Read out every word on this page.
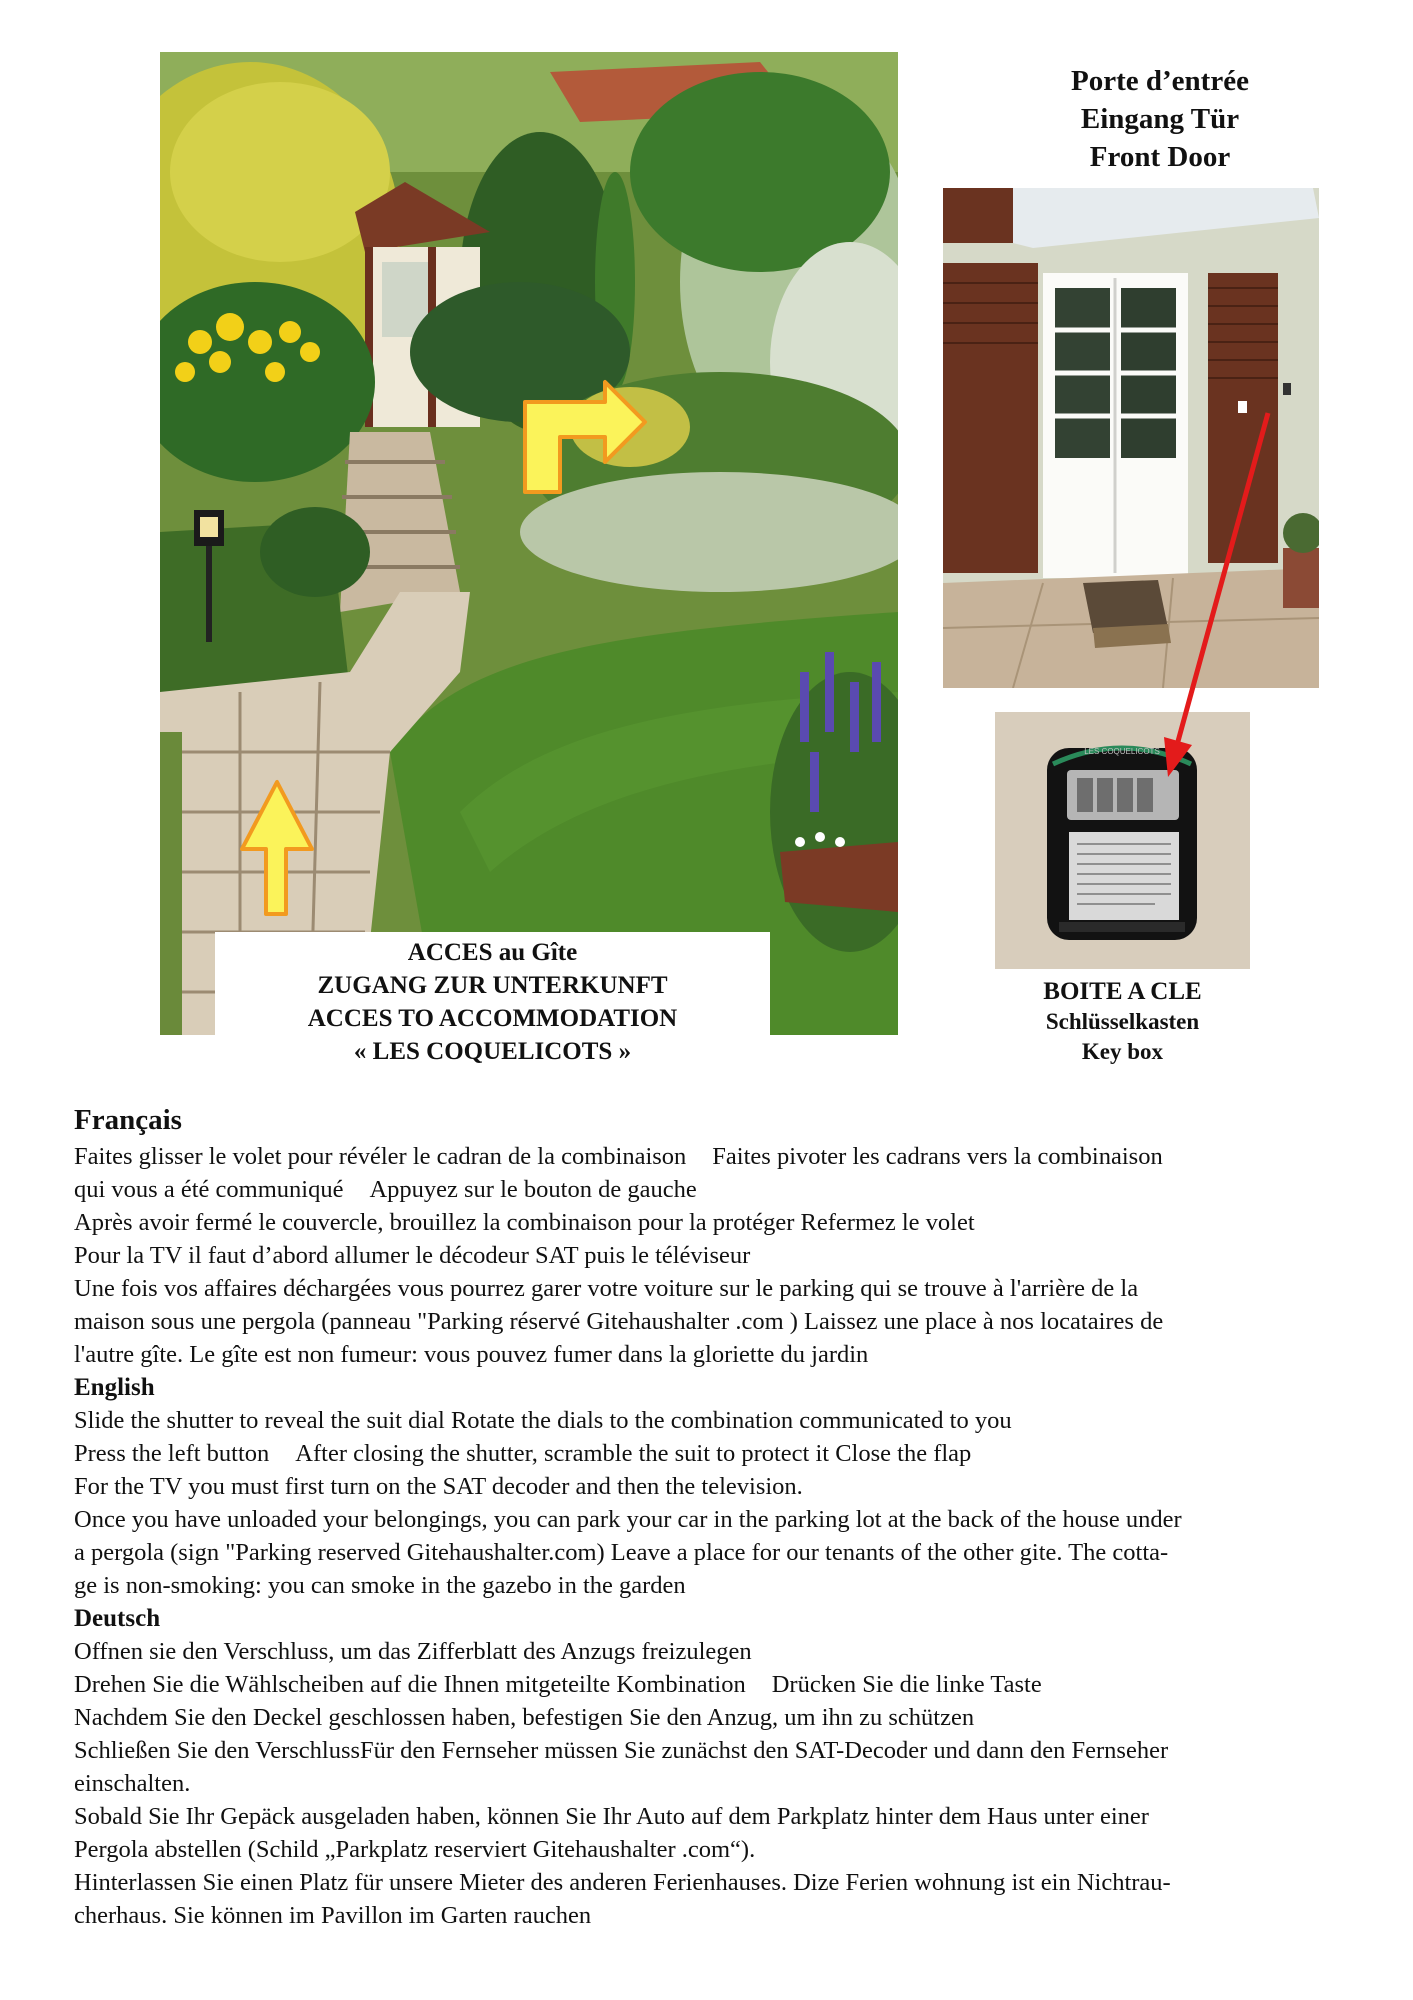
ACCES au Gîte
ZUGANG ZUR UNTERKUNFT
ACCES TO ACCOMMODATION
« LES COQUELICOTS »
Porte d’entrée
Eingang Tür
Front Door
LES COQUELICOTS
BOITE A CLE
Schlüsselkasten
Key box
Français

Faites glisser le volet pour révéler le cadran de la combinaison Faites pivoter les cadrans vers la combinaison

qui vous a été communiqué Appuyez sur le bouton de gauche

Après avoir fermé le couvercle, brouillez la combinaison pour la protéger Refermez le volet

Pour la TV il faut d’abord allumer le décodeur SAT puis le téléviseur

Une fois vos affaires déchargées vous pourrez garer votre voiture sur le parking qui se trouve à l'arrière de la

maison sous une pergola (panneau "Parking réservé Gitehaushalter .com ) Laissez une place à nos locataires de

l'autre gîte. Le gîte est non fumeur: vous pouvez fumer dans la gloriette du jardin

English

Slide the shutter to reveal the suit dial Rotate the dials to the combination communicated to you

Press the left button After closing the shutter, scramble the suit to protect it Close the flap

For the TV you must first turn on the SAT decoder and then the television.

Once you have unloaded your belongings, you can park your car in the parking lot at the back of the house under

a pergola (sign "Parking reserved Gitehaushalter.com) Leave a place for our tenants of the other gite. The cotta-

ge is non-smoking: you can smoke in the gazebo in the garden

Deutsch

Offnen sie den Verschluss, um das Zifferblatt des Anzugs freizulegen

Drehen Sie die Wählscheiben auf die Ihnen mitgeteilte Kombination Drücken Sie die linke Taste

Nachdem Sie den Deckel geschlossen haben, befestigen Sie den Anzug, um ihn zu schützen

Schließen Sie den VerschlussFür den Fernseher müssen Sie zunächst den SAT-Decoder und dann den Fernseher

einschalten.

Sobald Sie Ihr Gepäck ausgeladen haben, können Sie Ihr Auto auf dem Parkplatz hinter dem Haus unter einer

Pergola abstellen (Schild „Parkplatz reserviert Gitehaushalter .com“).

Hinterlassen Sie einen Platz für unsere Mieter des anderen Ferienhauses. Dize Ferien wohnung ist ein Nichtrau-

cherhaus. Sie können im Pavillon im Garten rauchen
